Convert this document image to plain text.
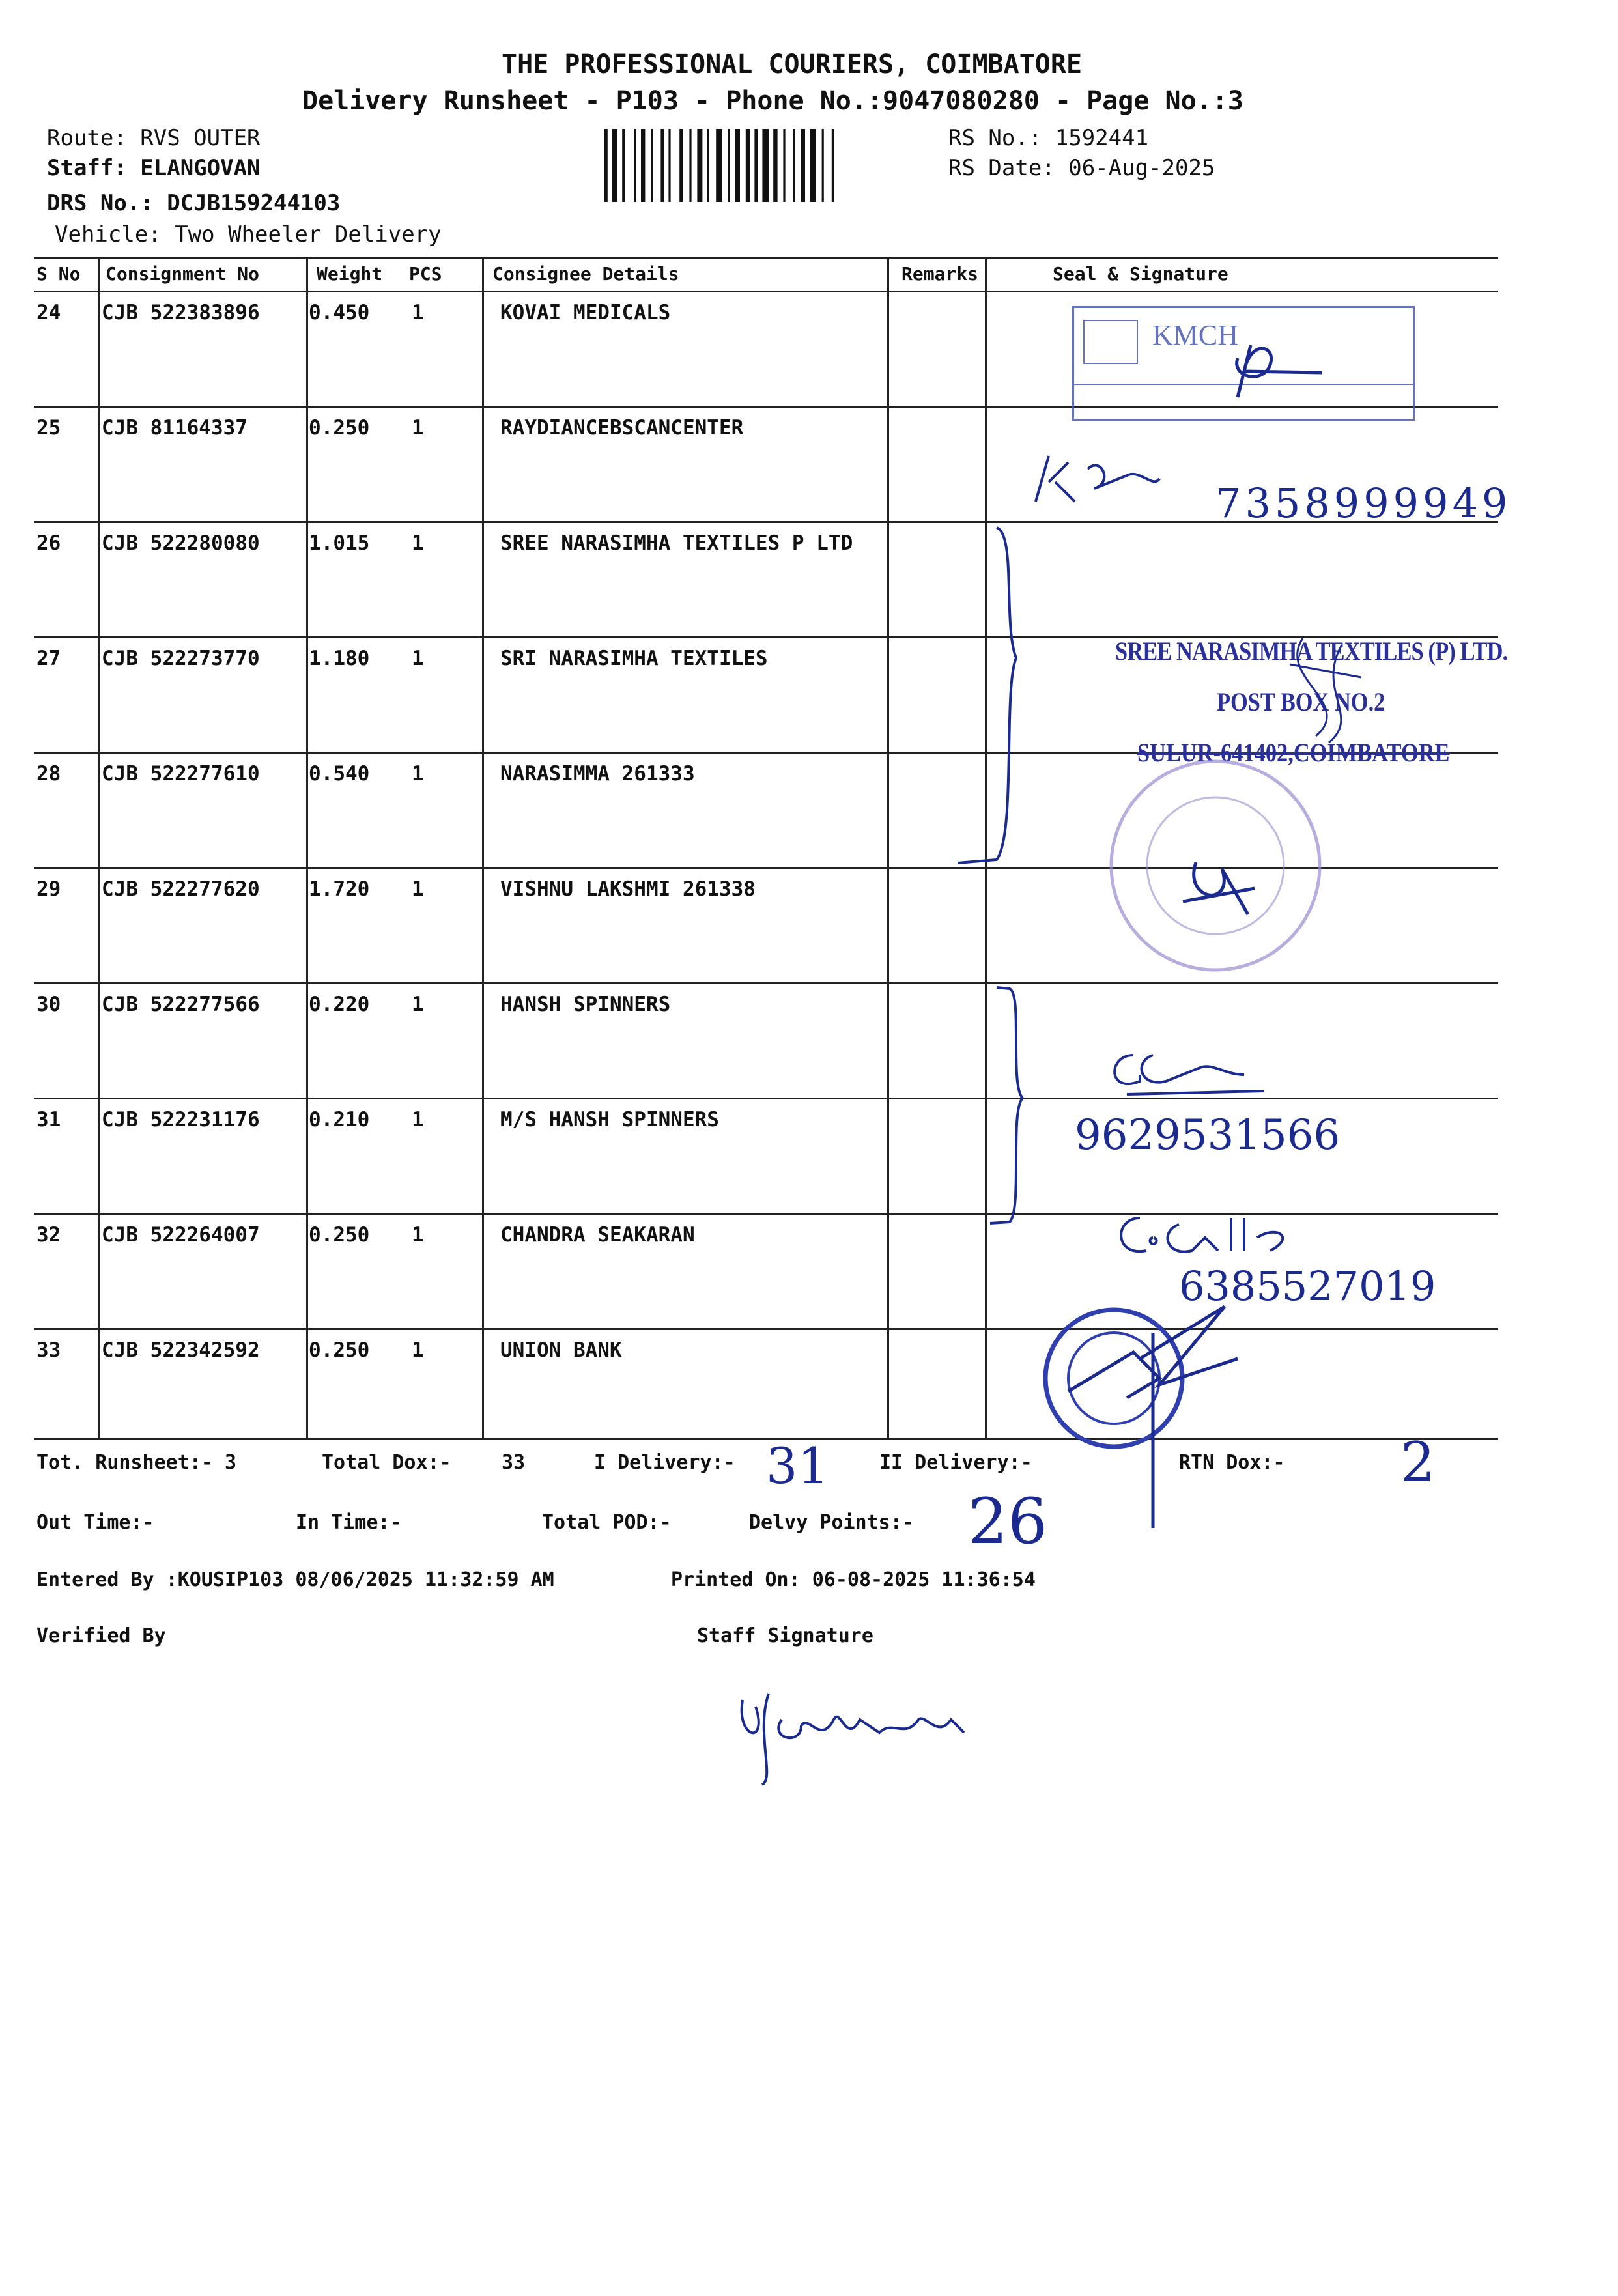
THE PROFESSIONAL COURIERS, COIMBATORE
Delivery Runsheet - P103 - Phone No.:9047080280 - Page No.:3
Route: RVS OUTER
Staff: ELANGOVAN
DRS No.: DCJB159244103
Vehicle: Two Wheeler Delivery
RS No.: 1592441
RS Date: 06-Aug-2025
S No Consignment No	Weight PCS	Consignee Details	Remarks	Seal & Signature
24 CJB 522383896 0.450 1	KOVAI MEDICALS
25 CJB 81164337	0.250 1	RAYDIANCEBSCANCENTER
26 CJB 522280080 1.015 1	SREE NARASIMHA TEXTILES P LTD
27 CJB 522273770 1.180 1	SRI NARASIMHA TEXTILES
28 CJB 522277610 0.540 1	NARASIMMA 261333
29 CJB 522277620 1.720 1	VISHNU LAKSHMI 261338
30 CJB 522277566 0.220 1	HANSH SPINNERS
31 CJB 522231176 0.210 1	M/S HANSH SPINNERS
32 CJB 522264007 0.250 1	CHANDRA SEAKARAN
33 CJB 522342592 0.250 1	UNION BANK
KMCH
7358999949
SREE NARASIMHA TEXTILES (P) LTD.
POST BOX NO.2
SULUR-641402,COIMBATORE
9629531566
6385527019
Tot. Runsheet:- 3	Total Dox:-	33	I Delivery:- 31	II Delivery:-	RTN Dox:- 2
Out Time:-	In Time:-	Total POD:-	Delvy Points:- 26
Entered By :KOUSIP103 08/06/2025 11:32:59 AM	Printed On: 06-08-2025 11:36:54
Verified By	Staff Signature
